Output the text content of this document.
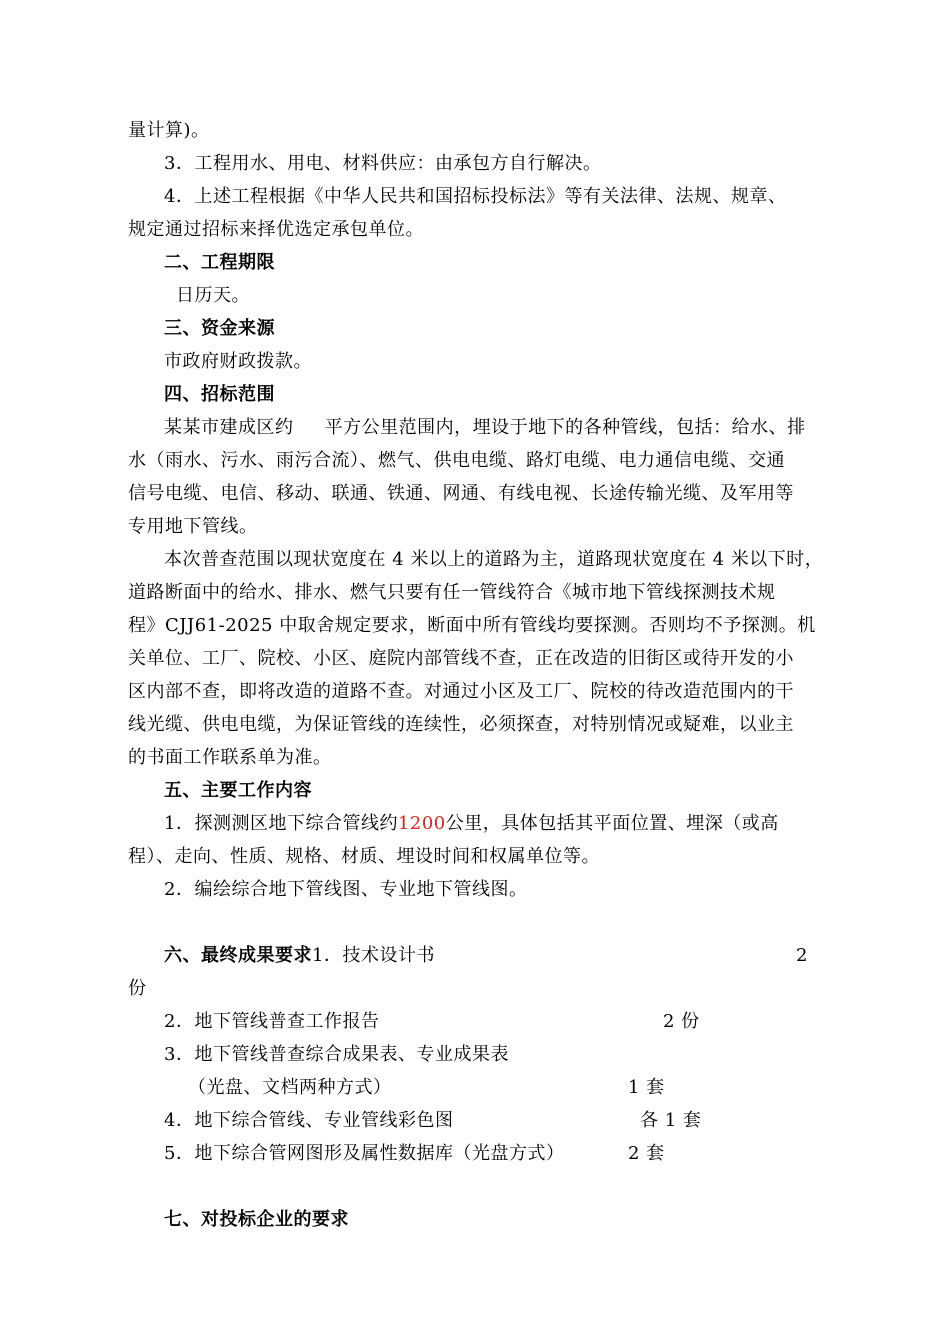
量计算)。
3．工程用水、用电、材料供应：由承包方自行解决。
4．上述工程根据《中华人民共和国招标投标法》等有关法律、法规、规章、
规定通过招标来择优选定承包单位。
二、工程期限
日历天。
三、资金来源
市政府财政拨款。
四、招标范围
某某市建成区约     平方公里范围内，埋设于地下的各种管线，包括：给水、排
水（雨水、污水、雨污合流）、燃气、供电电缆、路灯电缆、电力通信电缆、交通
信号电缆、电信、移动、联通、铁通、网通、有线电视、长途传输光缆、及军用等
专用地下管线。
本次普查范围以现状宽度在 4 米以上的道路为主，道路现状宽度在 4 米以下时，
道路断面中的给水、排水、燃气只要有任一管线符合《城市地下管线探测技术规
程》CJJ61-2025 中取舍规定要求，断面中所有管线均要探测。否则均不予探测。机
关单位、工厂、院校、小区、庭院内部管线不查，正在改造的旧街区或待开发的小
区内部不查，即将改造的道路不查。对通过小区及工厂、院校的待改造范围内的干
线光缆、供电电缆，为保证管线的连续性，必须探查，对特别情况或疑难，以业主
的书面工作联系单为准。
五、主要工作内容
1．探测测区地下综合管线约1200公里，具体包括其平面位置、埋深（或高
程）、走向、性质、规格、材质、埋设时间和权属单位等。
2．编绘综合地下管线图、专业地下管线图。
六、最终成果要求1．技术设计书	2
份
2．地下管线普查工作报告	2 份
3．地下管线普查综合成果表、专业成果表
（光盘、文档两种方式）	1 套
4．地下综合管线、专业管线彩色图	各 1 套
5．地下综合管网图形及属性数据库（光盘方式）	2 套
七、对投标企业的要求
